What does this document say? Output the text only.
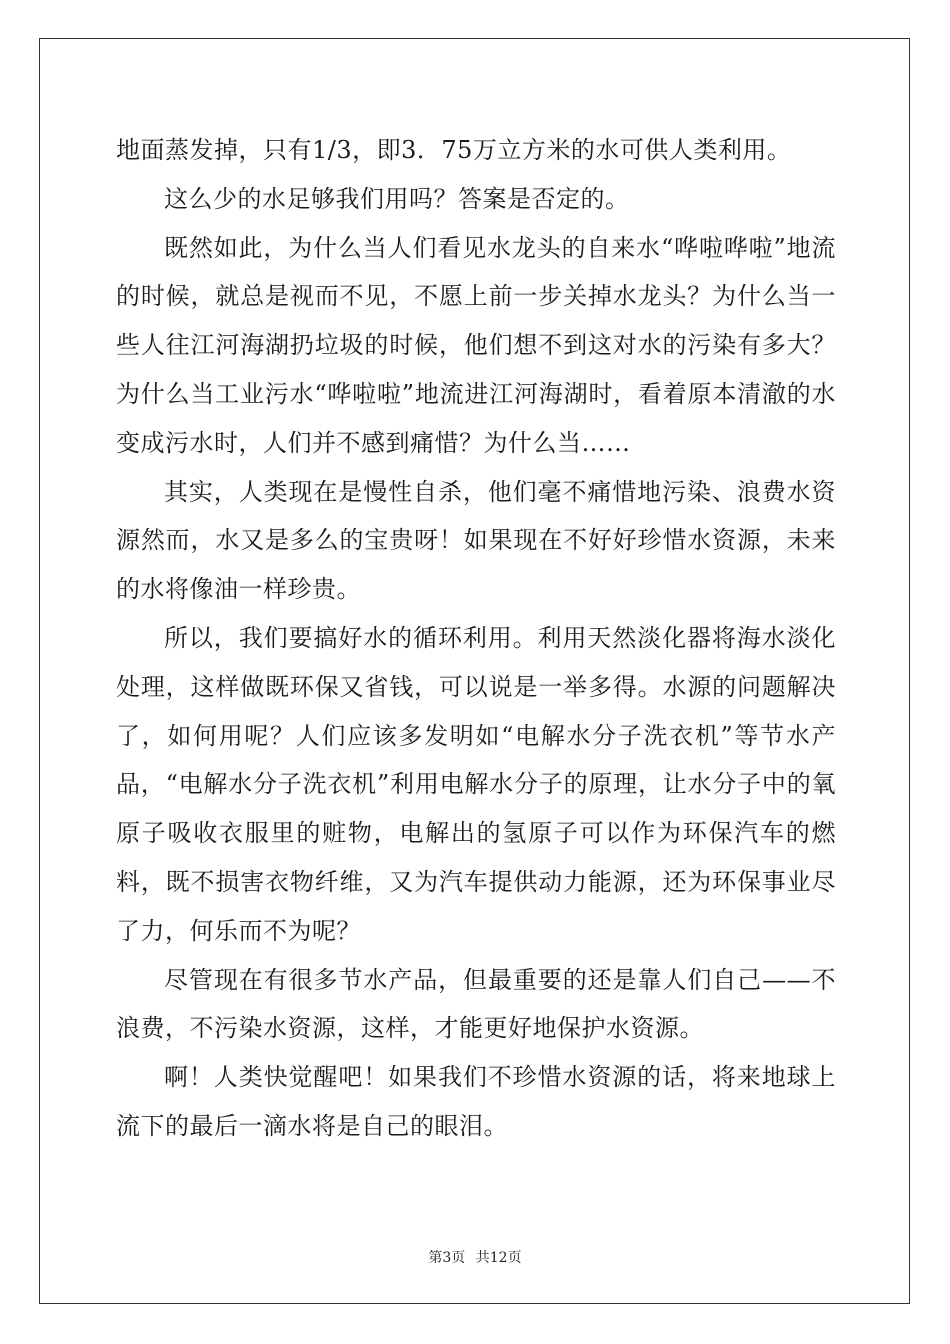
地面蒸发掉，只有1/3，即3．75万立方米的水可供人类利用。

这么少的水足够我们用吗？答案是否定的。

既然如此，为什么当人们看见水龙头的自来水“哗啦哗啦”地流的时候，就总是视而不见，不愿上前一步关掉水龙头？为什么当一些人往江河海湖扔垃圾的时候，他们想不到这对水的污染有多大？为什么当工业污水“哗啦啦”地流进江河海湖时，看着原本清澈的水变成污水时，人们并不感到痛惜？为什么当……

其实，人类现在是慢性自杀，他们毫不痛惜地污染、浪费水资源然而，水又是多么的宝贵呀！如果现在不好好珍惜水资源，未来的水将像油一样珍贵。

所以，我们要搞好水的循环利用。利用天然淡化器将海水淡化处理，这样做既环保又省钱，可以说是一举多得。水源的问题解决了，如何用呢？人们应该多发明如“电解水分子洗衣机”等节水产品，“电解水分子洗衣机”利用电解水分子的原理，让水分子中的氧原子吸收衣服里的赃物，电解出的氢原子可以作为环保汽车的燃料，既不损害衣物纤维，又为汽车提供动力能源，还为环保事业尽了力，何乐而不为呢？

尽管现在有很多节水产品，但最重要的还是靠人们自己——不浪费，不污染水资源，这样，才能更好地保护水资源。

啊！人类快觉醒吧！如果我们不珍惜水资源的话，将来地球上流下的最后一滴水将是自己的眼泪。

第3页 共12页
